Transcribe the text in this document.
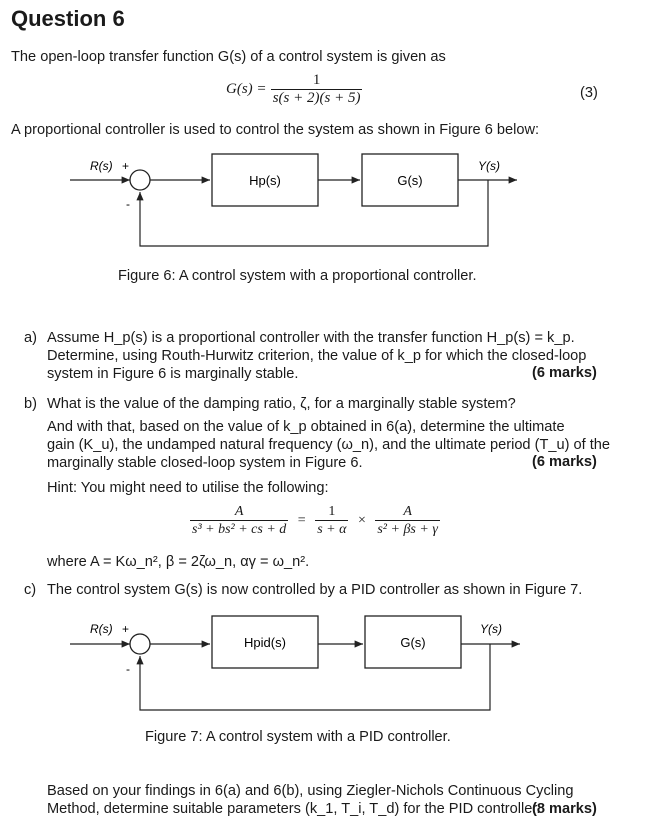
Question 6
The open-loop transfer function G(s) of a control system is given as
$G(s) = \frac{1}{s(s + 2)(s + 5)}$	(3)
A proportional controller is used to control the system as shown in Figure 6 below:
R(s) +
-
Hp(s)	G(s)
Y(s)
Figure 6: A control system with a proportional controller.
a) Assume H_p(s) is a proportional controller with the transfer function H_p(s) = k_p.
Determine, using Routh-Hurwitz criterion, the value of k_p for which the closed-loop
system in Figure 6 is marginally stable.	(6 marks)
b) What is the value of the damping ratio, ζ, for a marginally stable system?
And with that, based on the value of k_p obtained in 6(a), determine the ultimate
gain (K_u), the undamped natural frequency (ω_n), and the ultimate period (T_u) of the
marginally stable closed-loop system in Figure 6.	(6 marks)
Hint: You might need to utilise the following:
$\frac{A}{\text{s³ + bs² + cs + d}} = \frac{1}{s + \alpha} \times \frac{A}{\text{s² + βs + γ}}$
where A = Kω_n², β = 2ζω_n, αγ = ω_n².
c) The control system G(s) is now controlled by a PID controller as shown in Figure 7.
R(s) +
-
Hpid(s)	G(s)
Y(s)
Figure 7: A control system with a PID controller.
Based on your findings in 6(a) and 6(b), using Ziegler-Nichols Continuous Cycling
Method, determine suitable parameters (k_1, T_i, T_d) for the PID controller.
(8 marks)
